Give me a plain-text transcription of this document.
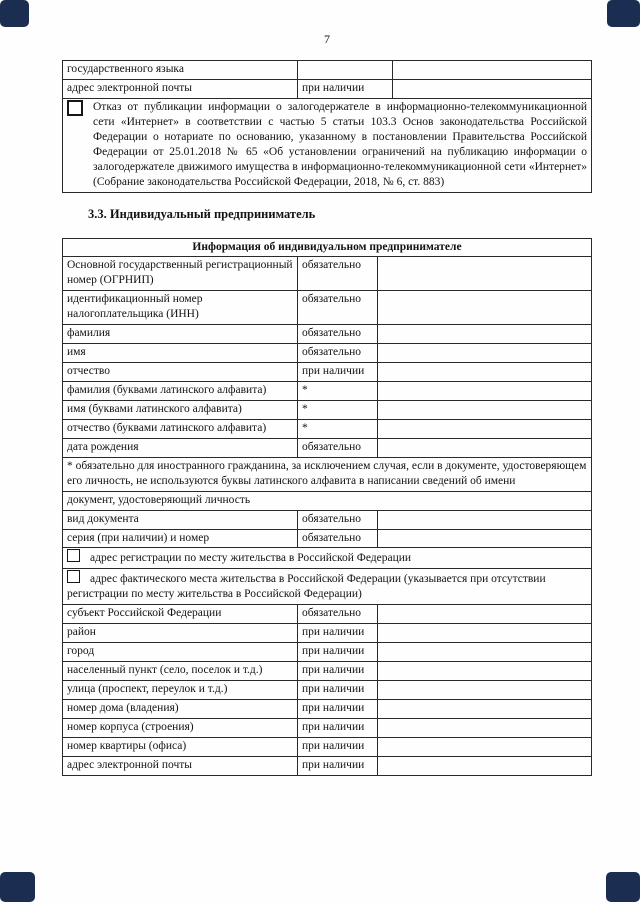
7
государственного языка		
адрес электронной почты	при наличии	

Отказ от публикации информации о залогодержателе в информационно-телекоммуникационной сети «Интернет» в соответствии с частью 5 статьи 103.3 Основ законодательства Российской Федерации о нотариате по основанию, указанному в постановлении Правительства Российской Федерации от 25.01.2018 № 65 «Об установлении ограничений на публикацию информации о залогодержателе движимого имущества в информационно-телекоммуникационной сети «Интернет» (Собрание законодательства Российской Федерации, 2018, № 6, ст. 883)		
3.3. Индивидуальный предприниматель
Информация об индивидуальном предпринимателе		
Основной государственный регистрационный номер (ОГРНИП)	обязательно	
идентификационный номер налогоплательщика (ИНН)	обязательно	
фамилия	обязательно	
имя	обязательно	
отчество	при наличии	
фамилия (буквами латинского алфавита)	*	
имя (буквами латинского алфавита)	*	
отчество (буквами латинского алфавита)	*	
дата рождения	обязательно	
* обязательно для иностранного гражданина, за исключением случая, если в документе, удостоверяющем его личность, не используются буквы латинского алфавита в написании сведений об имени		
документ, удостоверяющий личность		
вид документа	обязательно	
серия (при наличии) и номер	обязательно	
адрес регистрации по месту жительства в Российской Федерации		
адрес фактического места жительства в Российской Федерации (указывается при отсутствии регистрации по месту жительства в Российской Федерации)		
субъект Российской Федерации	обязательно	
район	при наличии	
город	при наличии	
населенный пункт (село, поселок и т.д.)	при наличии	
улица (проспект, переулок и т.д.)	при наличии	
номер дома (владения)	при наличии	
номер корпуса (строения)	при наличии	
номер квартиры (офиса)	при наличии	
адрес электронной почты	при наличии	
